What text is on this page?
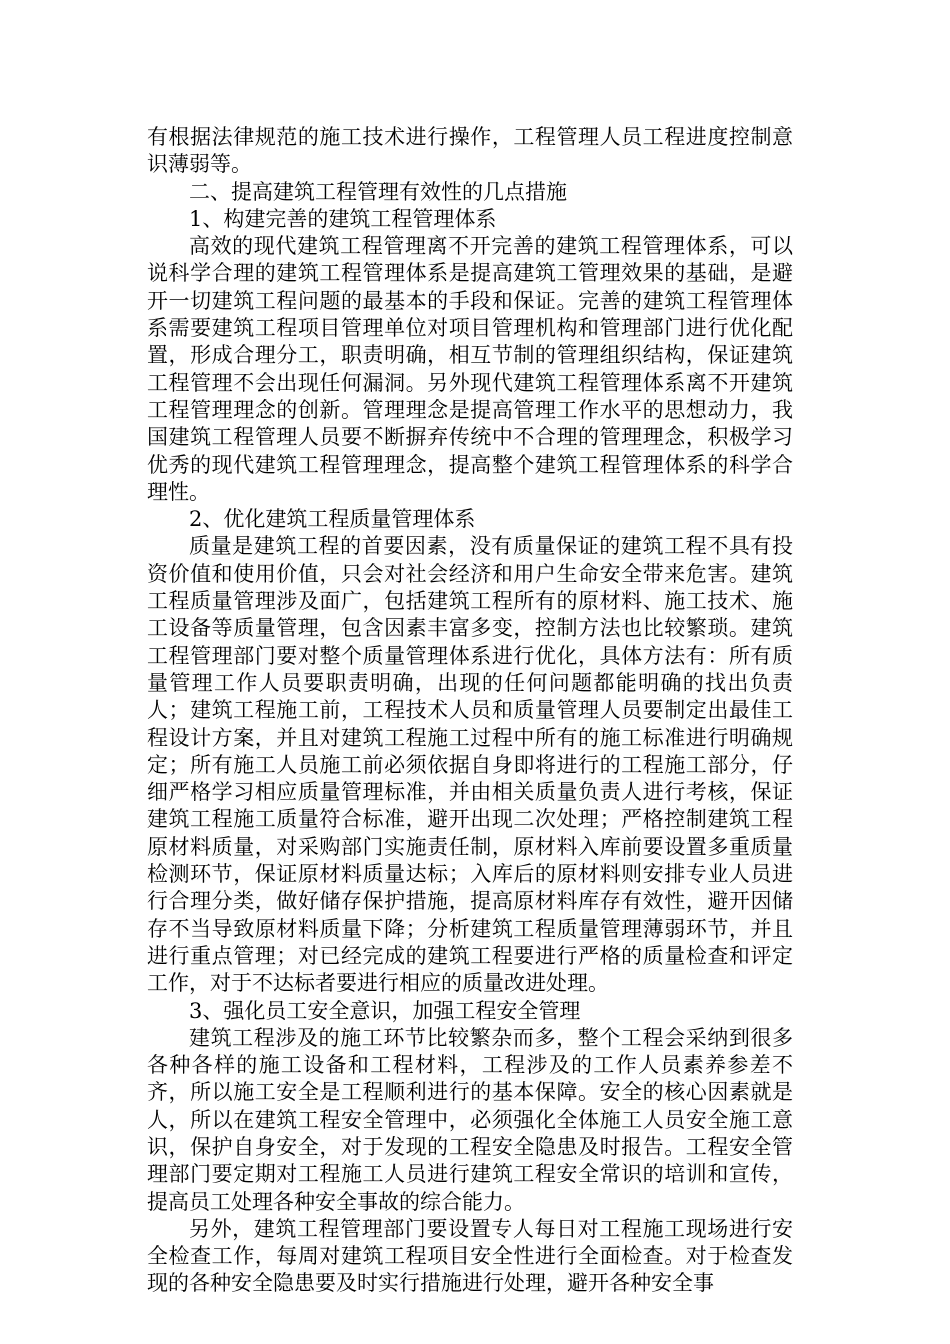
有根据法律规范的施工技术进行操作，工程管理人员工程进度控制意识薄弱等。

二、提高建筑工程管理有效性的几点措施

1、构建完善的建筑工程管理体系

高效的现代建筑工程管理离不开完善的建筑工程管理体系，可以说科学合理的建筑工程管理体系是提高建筑工管理效果的基础，是避开一切建筑工程问题的最基本的手段和保证。完善的建筑工程管理体系需要建筑工程项目管理单位对项目管理机构和管理部门进行优化配置，形成合理分工，职责明确，相互节制的管理组织结构，保证建筑工程管理不会出现任何漏洞。另外现代建筑工程管理体系离不开建筑工程管理理念的创新。管理理念是提高管理工作水平的思想动力，我国建筑工程管理人员要不断摒弃传统中不合理的管理理念，积极学习优秀的现代建筑工程管理理念，提高整个建筑工程管理体系的科学合理性。

2、优化建筑工程质量管理体系

质量是建筑工程的首要因素，没有质量保证的建筑工程不具有投资价值和使用价值，只会对社会经济和用户生命安全带来危害。建筑工程质量管理涉及面广，包括建筑工程所有的原材料、施工技术、施工设备等质量管理，包含因素丰富多变，控制方法也比较繁琐。建筑工程管理部门要对整个质量管理体系进行优化，具体方法有：所有质量管理工作人员要职责明确，出现的任何问题都能明确的找出负责人；建筑工程施工前，工程技术人员和质量管理人员要制定出最佳工程设计方案，并且对建筑工程施工过程中所有的施工标准进行明确规定；所有施工人员施工前必须依据自身即将进行的工程施工部分，仔细严格学习相应质量管理标准，并由相关质量负责人进行考核，保证建筑工程施工质量符合标准，避开出现二次处理；严格控制建筑工程原材料质量，对采购部门实施责任制，原材料入库前要设置多重质量检测环节，保证原材料质量达标；入库后的原材料则安排专业人员进行合理分类，做好储存保护措施，提高原材料库存有效性，避开因储存不当导致原材料质量下降；分析建筑工程质量管理薄弱环节，并且进行重点管理；对已经完成的建筑工程要进行严格的质量检查和评定工作，对于不达标者要进行相应的质量改进处理。

3、强化员工安全意识，加强工程安全管理

建筑工程涉及的施工环节比较繁杂而多，整个工程会采纳到很多各种各样的施工设备和工程材料，工程涉及的工作人员素养参差不齐，所以施工安全是工程顺利进行的基本保障。安全的核心因素就是人，所以在建筑工程安全管理中，必须强化全体施工人员安全施工意识，保护自身安全，对于发现的工程安全隐患及时报告。工程安全管理部门要定期对工程施工人员进行建筑工程安全常识的培训和宣传，提高员工处理各种安全事故的综合能力。

另外，建筑工程管理部门要设置专人每日对工程施工现场进行安全检查工作，每周对建筑工程项目安全性进行全面检查。对于检查发现的各种安全隐患要及时实行措施进行处理，避开各种安全事
